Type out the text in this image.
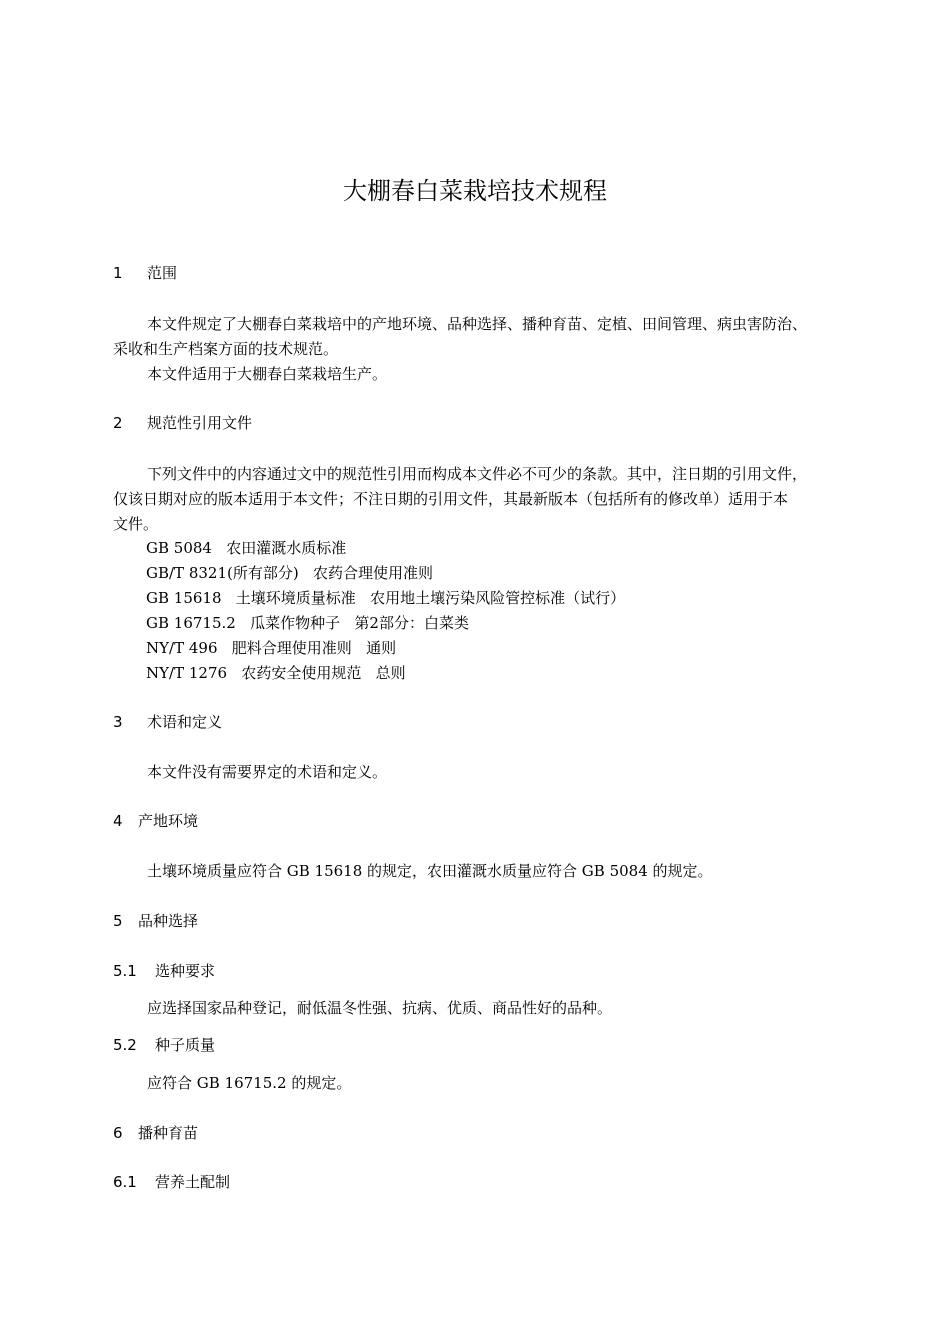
大棚春白菜栽培技术规程
1 范围
本文件规定了大棚春白菜栽培中的产地环境、品种选择、播种育苗、定植、田间管理、病虫害防治、
采收和生产档案方面的技术规范。
本文件适用于大棚春白菜栽培生产。
2 规范性引用文件
下列文件中的内容通过文中的规范性引用而构成本文件必不可少的条款。其中，注日期的引用文件，
仅该日期对应的版本适用于本文件；不注日期的引用文件，其最新版本（包括所有的修改单）适用于本
文件。
GB 5084   农田灌溉水质标准
GB/T 8321(所有部分)   农药合理使用准则
GB 15618   土壤环境质量标准   农用地土壤污染风险管控标准（试行）
GB 16715.2   瓜菜作物种子   第2部分：白菜类
NY/T 496   肥料合理使用准则   通则
NY/T 1276   农药安全使用规范   总则
3 术语和定义
本文件没有需要界定的术语和定义。
4 产地环境
土壤环境质量应符合 GB 15618 的规定，农田灌溉水质量应符合 GB 5084 的规定。
5 品种选择
5.1 选种要求
应选择国家品种登记，耐低温冬性强、抗病、优质、商品性好的品种。
5.2 种子质量
应符合 GB 16715.2 的规定。
6 播种育苗
6.1 营养土配制
